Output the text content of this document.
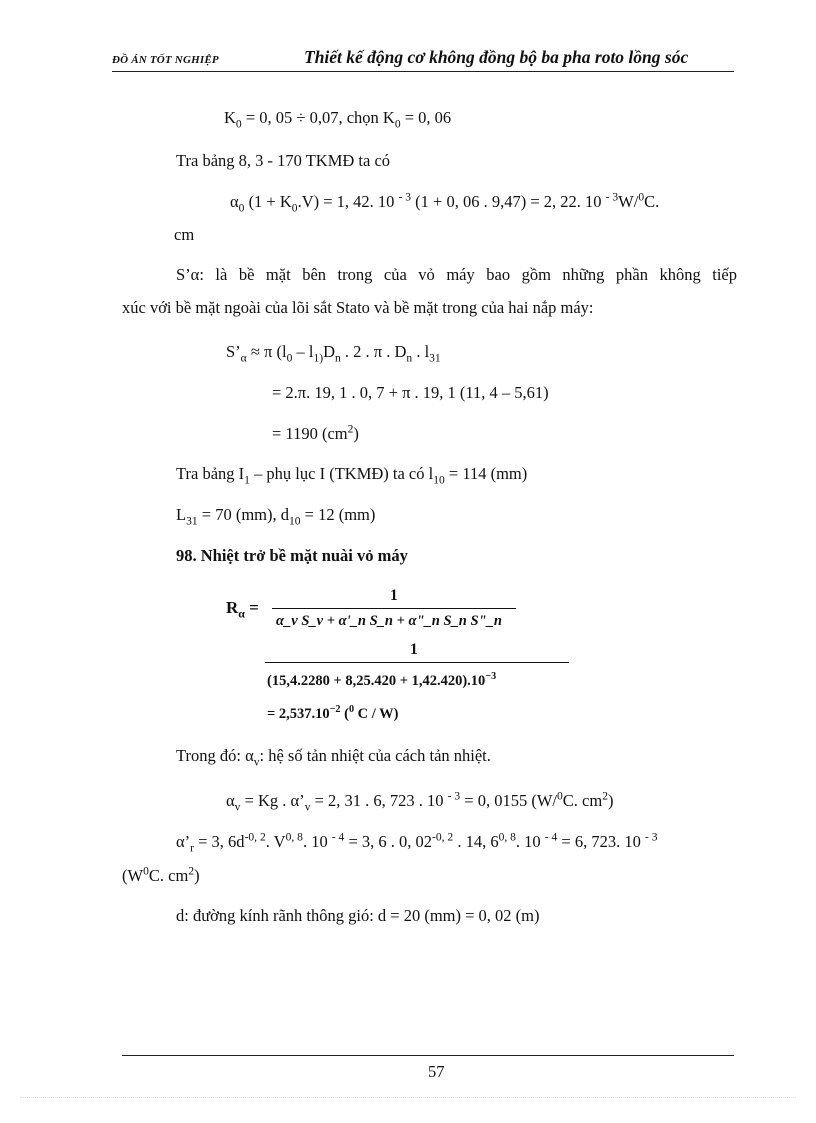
ĐỒ ÁN TỐT NGHIỆP	Thiết kế động cơ không đồng bộ ba pha roto lồng sóc
$K_0 = 0$, 05 ÷ 0,07, chọn $K_0 = 0$, 06
Tra bảng 8, 3 - 170 TKMĐ ta có
$\alpha_0$ $(1 + K_0.V) = 1$, 42. 10 $^{- 3}$ (1 + 0, 06 . 9,47) = 2, 22. 10 $^{- 3}$W/$^0$C.
cm
S’α: là bề mặt bên trong của vỏ máy bao gồm những phần không tiếp
xúc với bề mặt ngoài của lõi sắt Stato và bề mặt trong của hai nắp máy:
$S’_\alpha \approx \pi$ ($l_0 - l_{1)}D_n$ . 2 . π . $D_n$ . $l_{31}$
= 2.π. 19, 1 . 0, 7 + π . 19, 1 (11, 4 – 5,61)
= 1190 $(cm^2)$
Tra bảng $I_1$ – phụ lục I (TKMĐ) ta có $l_{10} = 114$ (mm)
$L_{31} = 70$ (mm), $d_{10} = 12$ (mm)
98. Nhiệt trở bề mặt nuài vỏ máy
$R_\alpha$ =
1
α_v S_v + α'_n S_n + α"_n S_n S"_n
1
$(15,4.2280 + 8,25.420 + 1,42.420).10^{-3}$
= $2,537.10^{-2}$ ($^0$ C / W)
Trong đó: $\alpha_v$: hệ số tản nhiệt của cách tản nhiệt.
$\alpha_v = Kg$ . $\alpha’_v = 2$, 31 . 6, 723 . 10 $^{- 3}$ = 0, 0155 (W/$^0$C. $cm^2$)
$\alpha’_r = 3$, $6d^{-0, 2}$. V$^{0, 8}$. 10 $^{- 4}$ = 3, 6 . 0, $02^{-0, 2}$ . 14, 6$^{0, 8}$. 10 $^{- 4}$ = 6, 723. 10 $^{- 3}$
($W^0C$. $cm^2$)
d: đường kính rãnh thông gió: d = 20 (mm) = 0, 02 (m)
57
